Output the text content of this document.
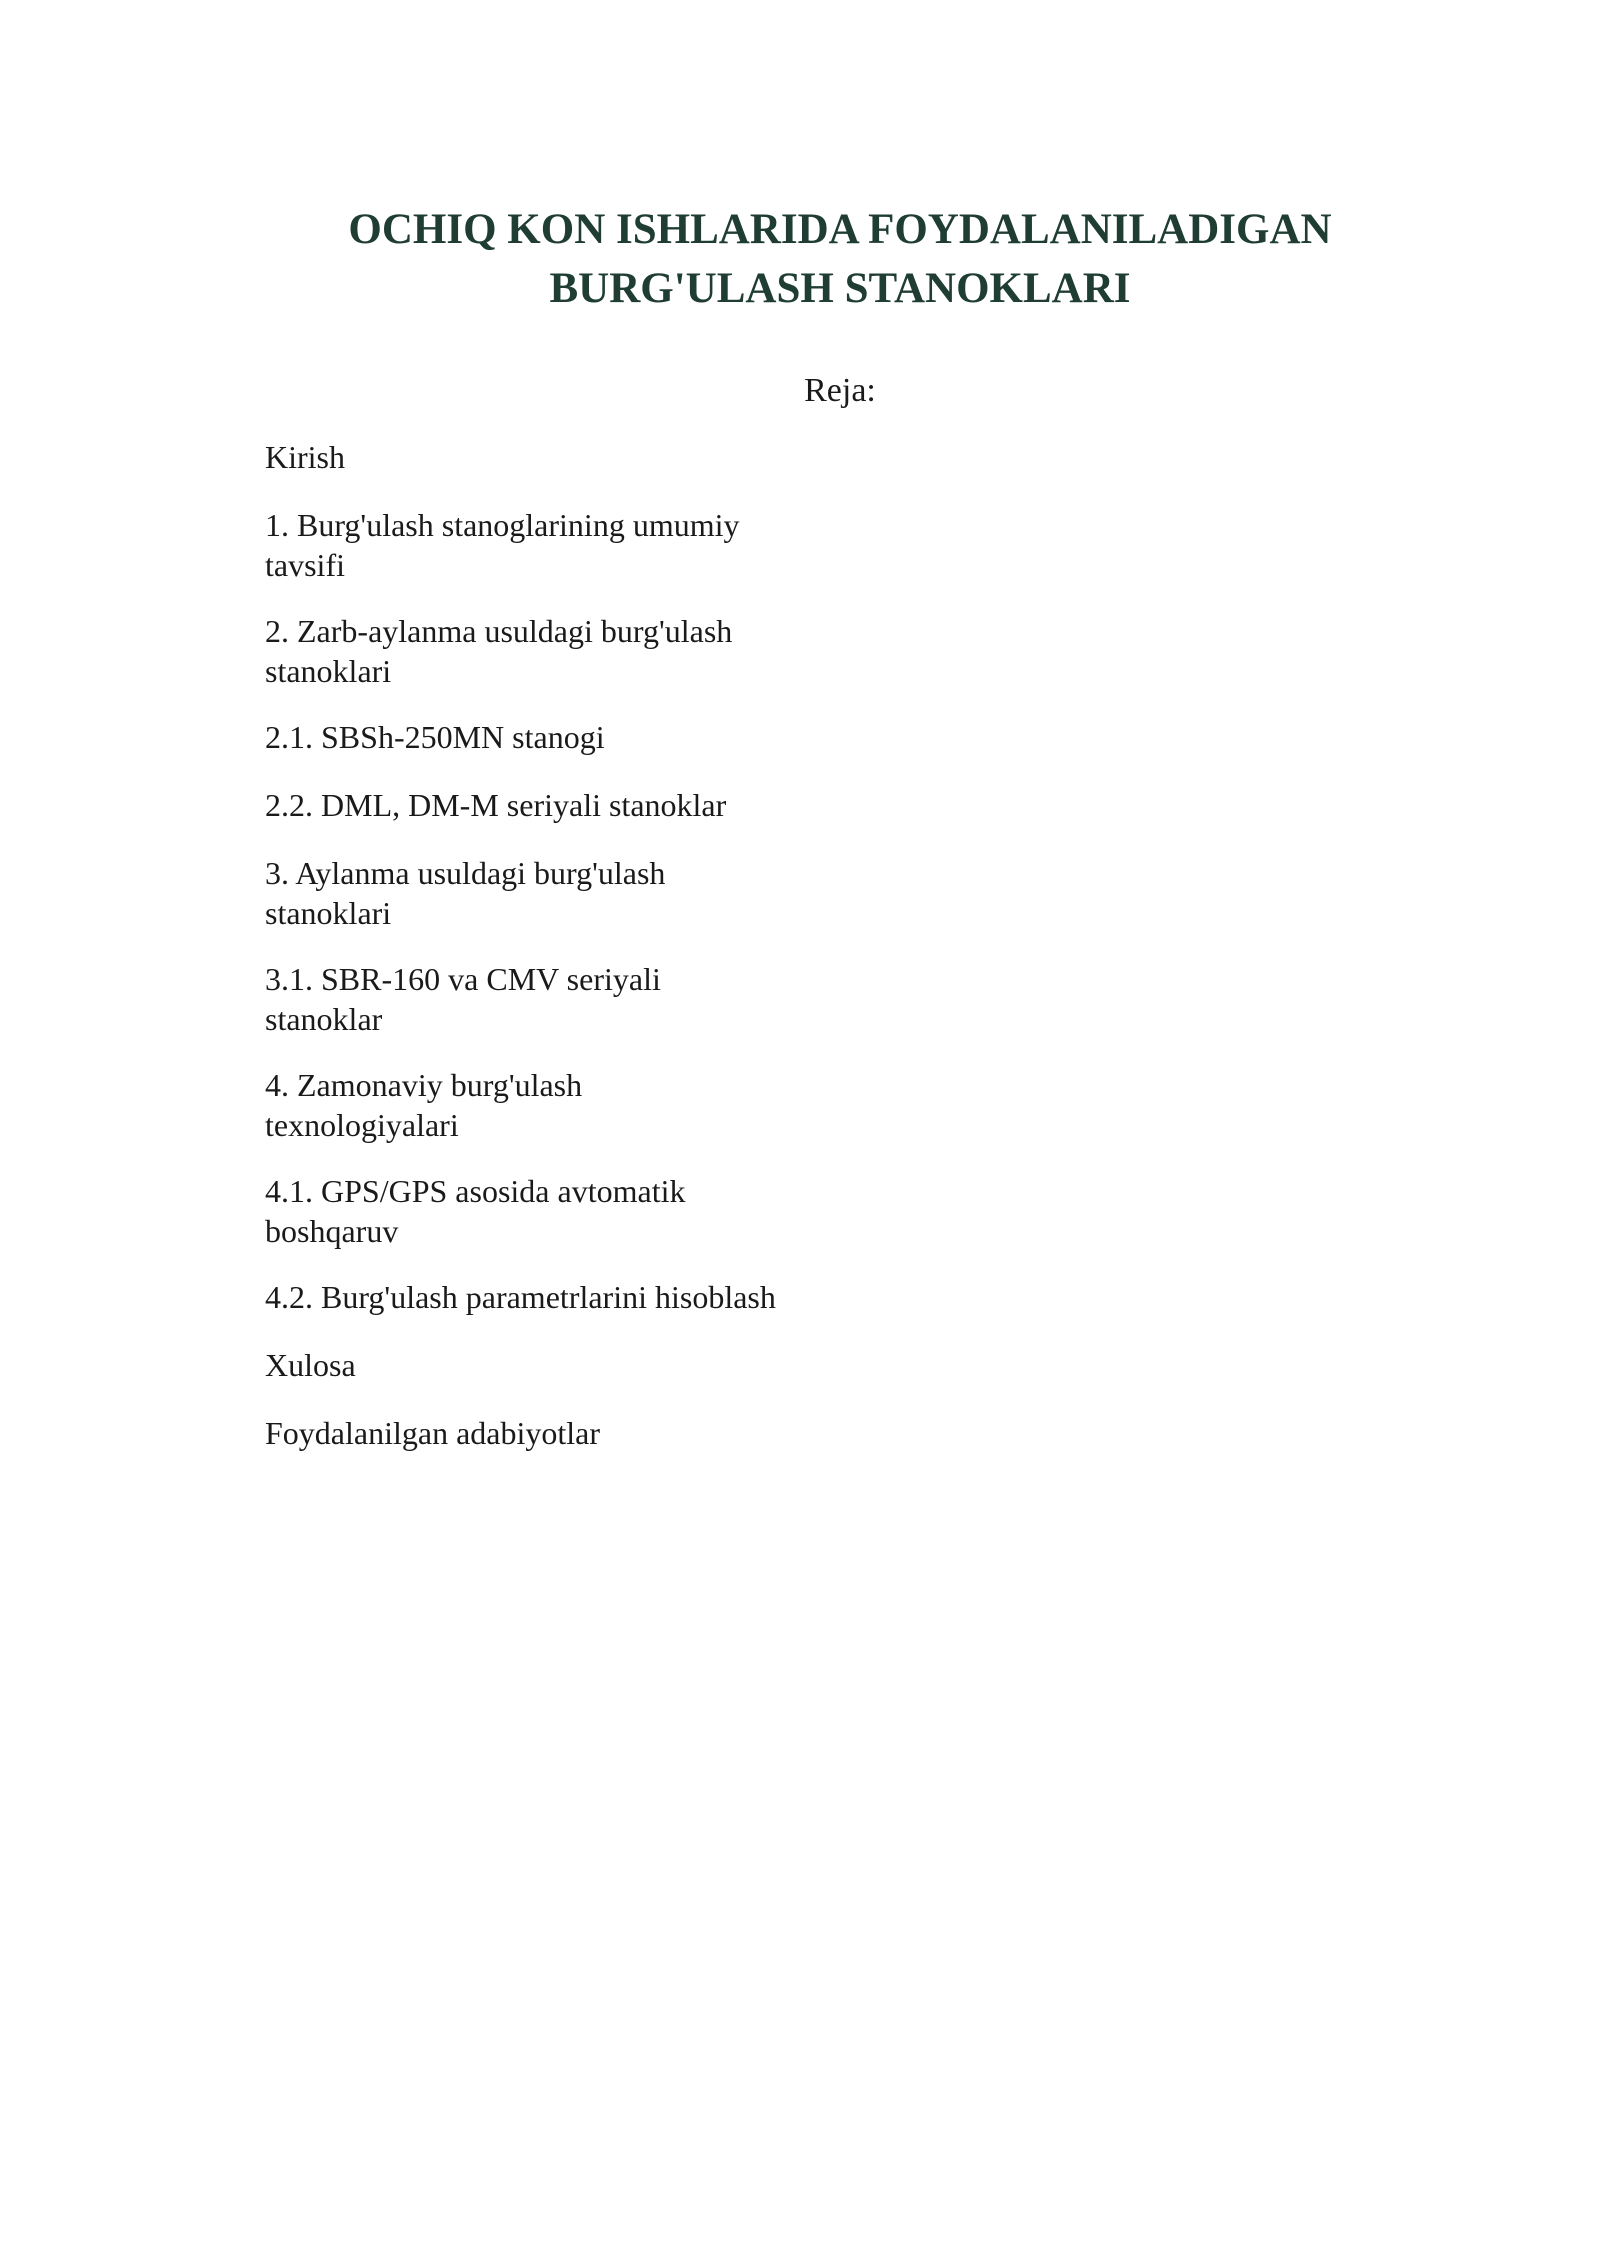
OCHIQ KON ISHLARIDA FOYDALANILADIGAN
BURG'ULASH STANOKLARI
Reja:
Kirish
1. Burg'ulash stanoglarining umumiy
tavsifi
2. Zarb-aylanma usuldagi burg'ulash
stanoklari
2.1. SBSh-250MN stanogi
2.2. DML, DM-M seriyali stanoklar
3. Aylanma usuldagi burg'ulash
stanoklari
3.1. SBR-160 va CMV seriyali
stanoklar
4. Zamonaviy burg'ulash
texnologiyalari
4.1. GPS/GPS asosida avtomatik
boshqaruv
4.2. Burg'ulash parametrlarini hisoblash
Xulosa
Foydalanilgan adabiyotlar
